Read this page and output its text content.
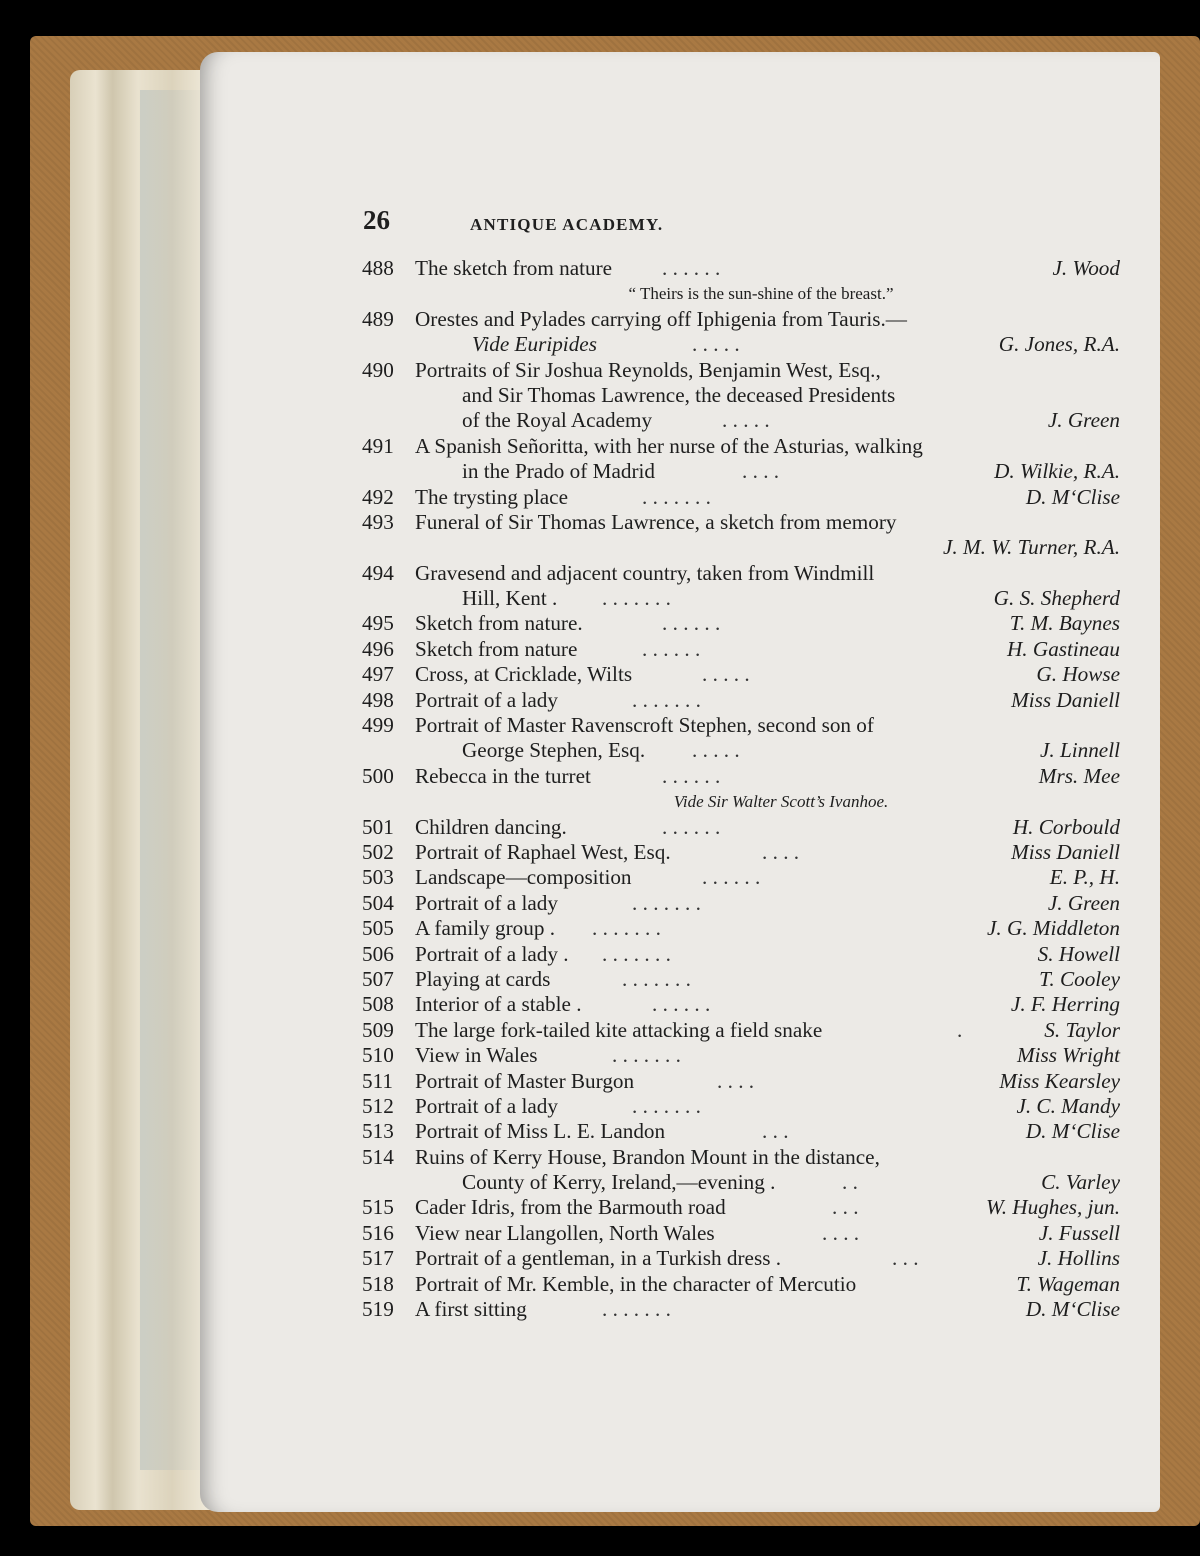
26	ANTIQUE ACADEMY.
488 The sketch from nature . . . . . .	J. Wood
“ Theirs is the sun-shine of the breast.”
489 Orestes and Pylades carrying off Iphigenia from Tauris.—
Vide Euripides	. . . . .	G. Jones, R.A.
490 Portraits of Sir Joshua Reynolds, Benjamin West, Esq.,
and Sir Thomas Lawrence, the deceased Presidents
of the Royal Academy	. . . . .	J. Green
491 A Spanish Señoritta, with her nurse of the Asturias, walking
in the Prado of Madrid	. . . .	D. Wilkie, R.A.
492 The trysting place	. . . . . . .	D. M‘Clise
493 Funeral of Sir Thomas Lawrence, a sketch from memory
J. M. W. Turner, R.A.
494 Gravesend and adjacent country, taken from Windmill
Hill, Kent . . . . . . . .	G. S. Shepherd
495 Sketch from nature.	. . . . . .	T. M. Baynes
496 Sketch from nature	. . . . . .	H. Gastineau
497 Cross, at Cricklade, Wilts	. . . . .	G. Howse
498 Portrait of a lady	. . . . . . .	Miss Daniell
499 Portrait of Master Ravenscroft Stephen, second son of
George Stephen, Esq. . . . . .	J. Linnell
500 Rebecca in the turret	. . . . . .	Mrs. Mee
Vide Sir Walter Scott’s Ivanhoe.
501 Children dancing.	. . . . . .	H. Corbould
502 Portrait of Raphael West, Esq.	. . . .	Miss Daniell
503 Landscape—composition	. . . . . .	E. P., H.
504 Portrait of a lady	. . . . . . .	J. Green
505 A family group . . . . . . . .	J. G. Middleton
506 Portrait of a lady . . . . . . . .	S. Howell
507 Playing at cards	. . . . . . .	T. Cooley
508 Interior of a stable .	. . . . . .	J. F. Herring
509 The large fork-tailed kite attacking a field snake	.	S. Taylor
510 View in Wales	. . . . . . .	Miss Wright
511 Portrait of Master Burgon	. . . .	Miss Kearsley
512 Portrait of a lady	. . . . . . .	J. C. Mandy
513 Portrait of Miss L. E. Landon	. . .	D. M‘Clise
514 Ruins of Kerry House, Brandon Mount in the distance,
County of Kerry, Ireland,—evening .	. .	C. Varley
515 Cader Idris, from the Barmouth road	. . .	W. Hughes, jun.
516 View near Llangollen, North Wales	. . . .	J. Fussell
517 Portrait of a gentleman, in a Turkish dress .	. . .	J. Hollins
518 Portrait of Mr. Kemble, in the character of Mercutio	T. Wageman
519 A first sitting	. . . . . . .	D. M‘Clise
